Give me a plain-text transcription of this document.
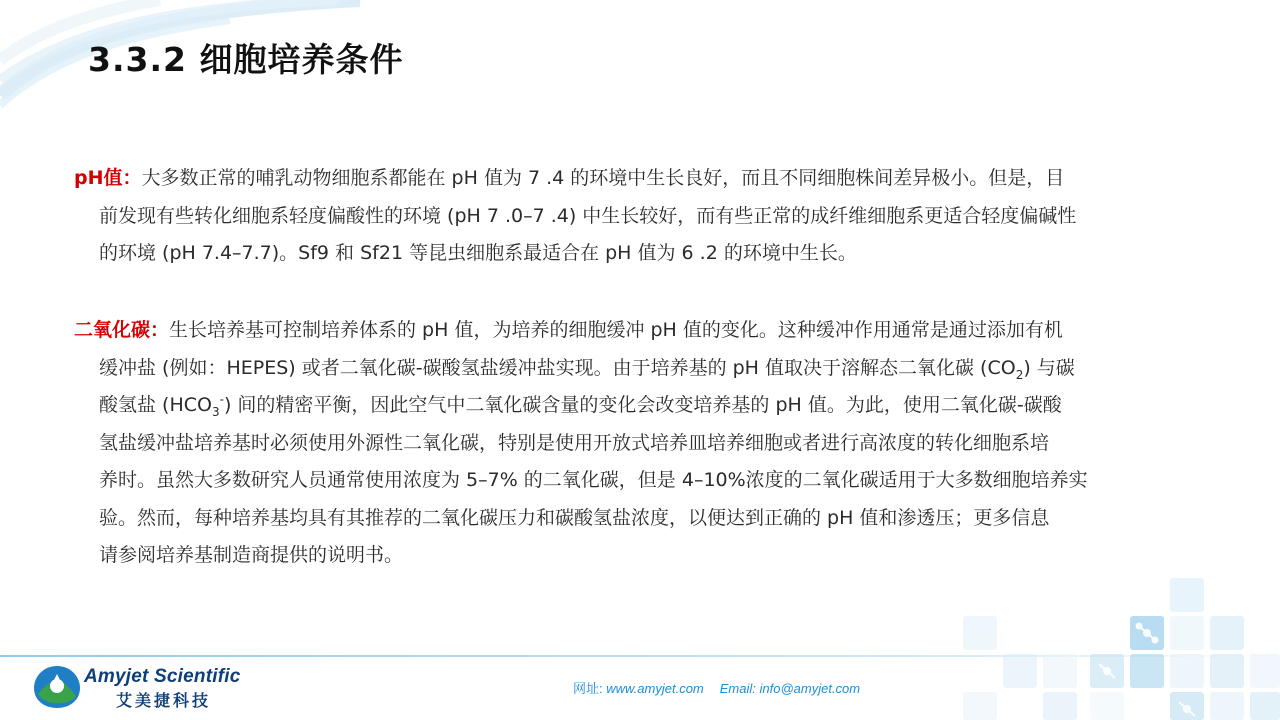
3.3.2 细胞培养条件
pH值：大多数正常的哺乳动物细胞系都能在 pH 值为 7 .4 的环境中生长良好，而且不同细胞株间差异极小。但是，目
前发现有些转化细胞系轻度偏酸性的环境 (pH 7 .0–7 .4) 中生长较好，而有些正常的成纤维细胞系更适合轻度偏碱性
的环境 (pH 7.4–7.7)。Sf9 和 Sf21 等昆虫细胞系最适合在 pH 值为 6 .2 的环境中生长。
二氧化碳：生长培养基可控制培养体系的 pH 值，为培养的细胞缓冲 pH 值的变化。这种缓冲作用通常是通过添加有机
缓冲盐 (例如：HEPES) 或者二氧化碳-碳酸氢盐缓冲盐实现。由于培养基的 pH 值取决于溶解态二氧化碳 $(CO_2)$ 与碳
酸氢盐 $(HCO_3^-)$ 间的精密平衡，因此空气中二氧化碳含量的变化会改变培养基的 pH 值。为此，使用二氧化碳-碳酸
氢盐缓冲盐培养基时必须使用外源性二氧化碳，特别是使用开放式培养皿培养细胞或者进行高浓度的转化细胞系培
养时。虽然大多数研究人员通常使用浓度为 5–7% 的二氧化碳，但是 4–10%浓度的二氧化碳适用于大多数细胞培养实
验。然而，每种培养基均具有其推荐的二氧化碳压力和碳酸氢盐浓度，以便达到正确的 pH 值和渗透压；更多信息
请参阅培养基制造商提供的说明书。
Amyjet Scientific
艾美捷科技
网址: www.amyjet.com Email: info@amyjet.com
